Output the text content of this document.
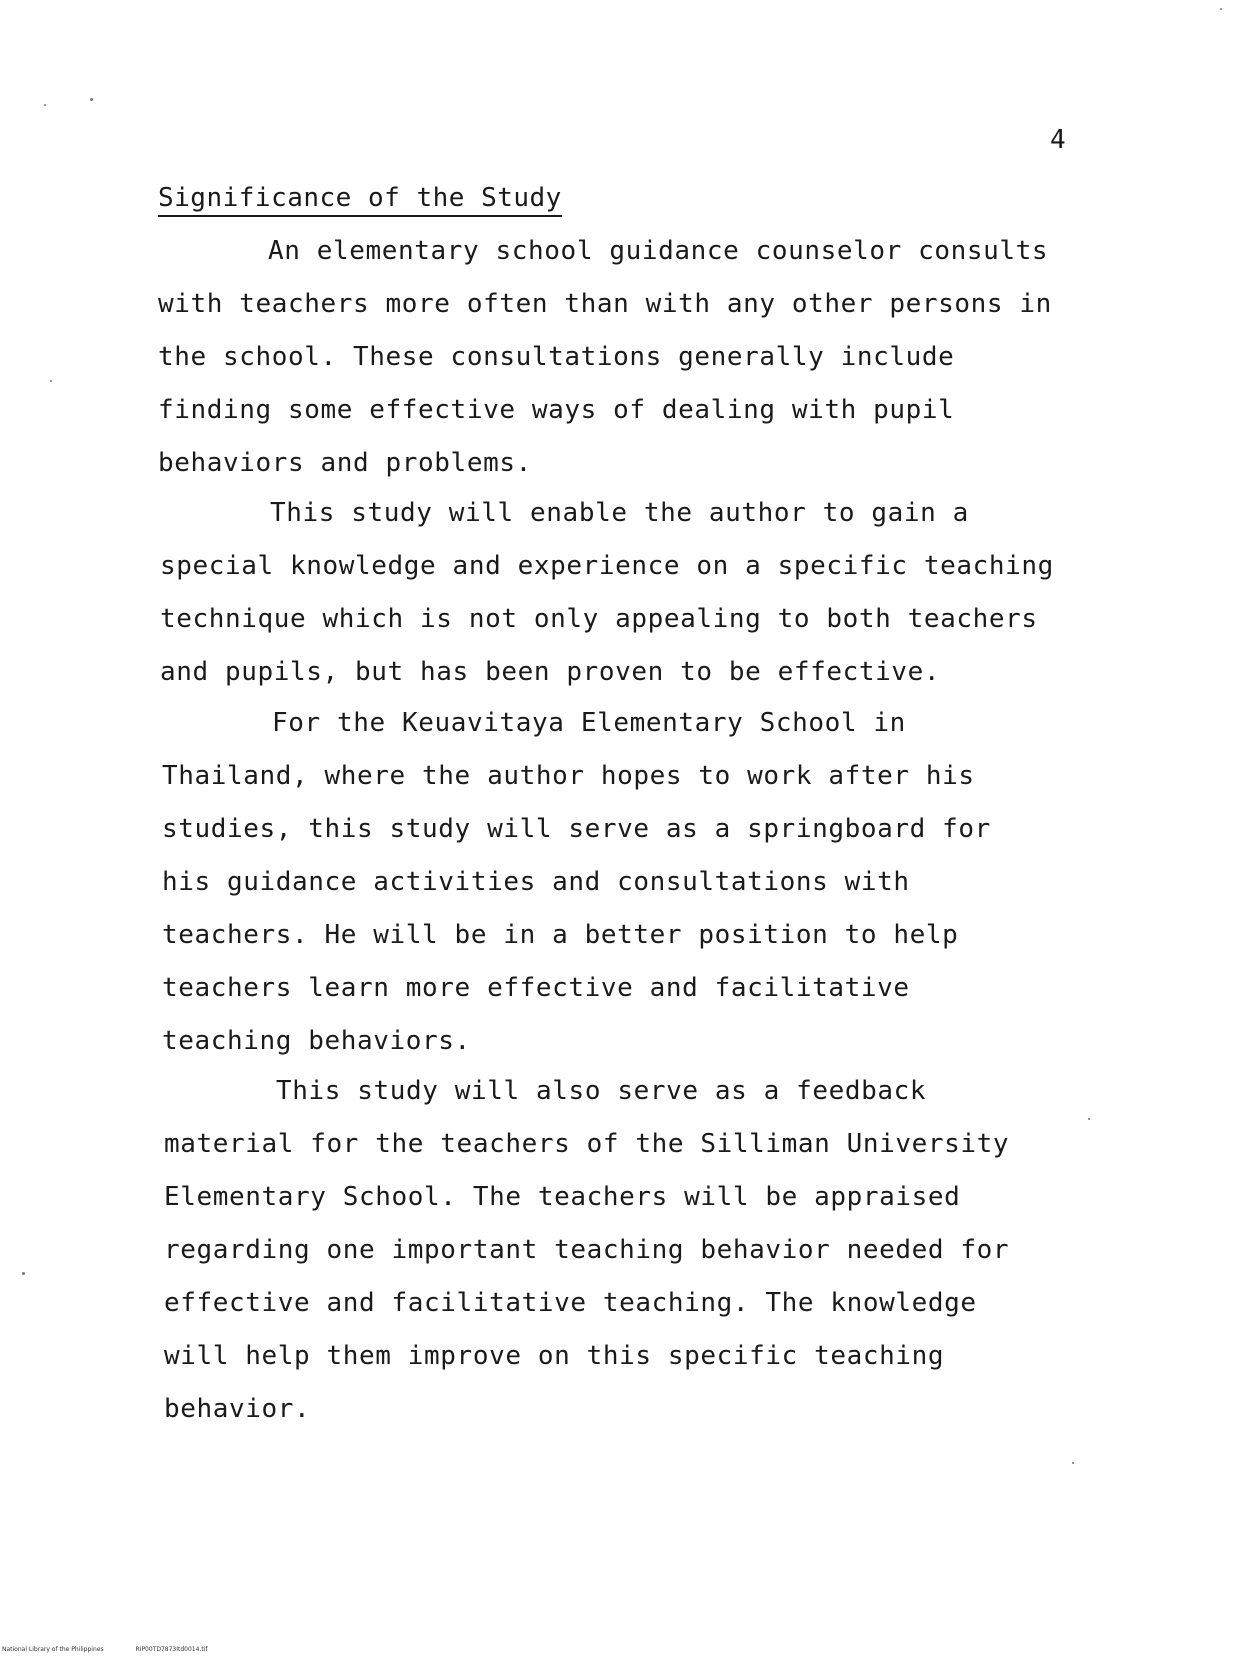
4
Significance of the Study
An elementary school guidance counselor consults
with teachers more often than with any other persons in
the school. These consultations generally include
finding some effective ways of dealing with pupil
behaviors and problems.
This study will enable the author to gain a
special knowledge and experience on a specific teaching
technique which is not only appealing to both teachers
and pupils, but has been proven to be effective.
For the Keuavitaya Elementary School in
Thailand, where the author hopes to work after his
studies, this study will serve as a springboard for
his guidance activities and consultations with
teachers. He will be in a better position to help
teachers learn more effective and facilitative
teaching behaviors.
This study will also serve as a feedback
material for the teachers of the Silliman University
Elementary School. The teachers will be appraised
regarding one important teaching behavior needed for
effective and facilitative teaching. The knowledge
will help them improve on this specific teaching
behavior.
National Library of the Philippines	RIP00TD7873Itd0014.tif
